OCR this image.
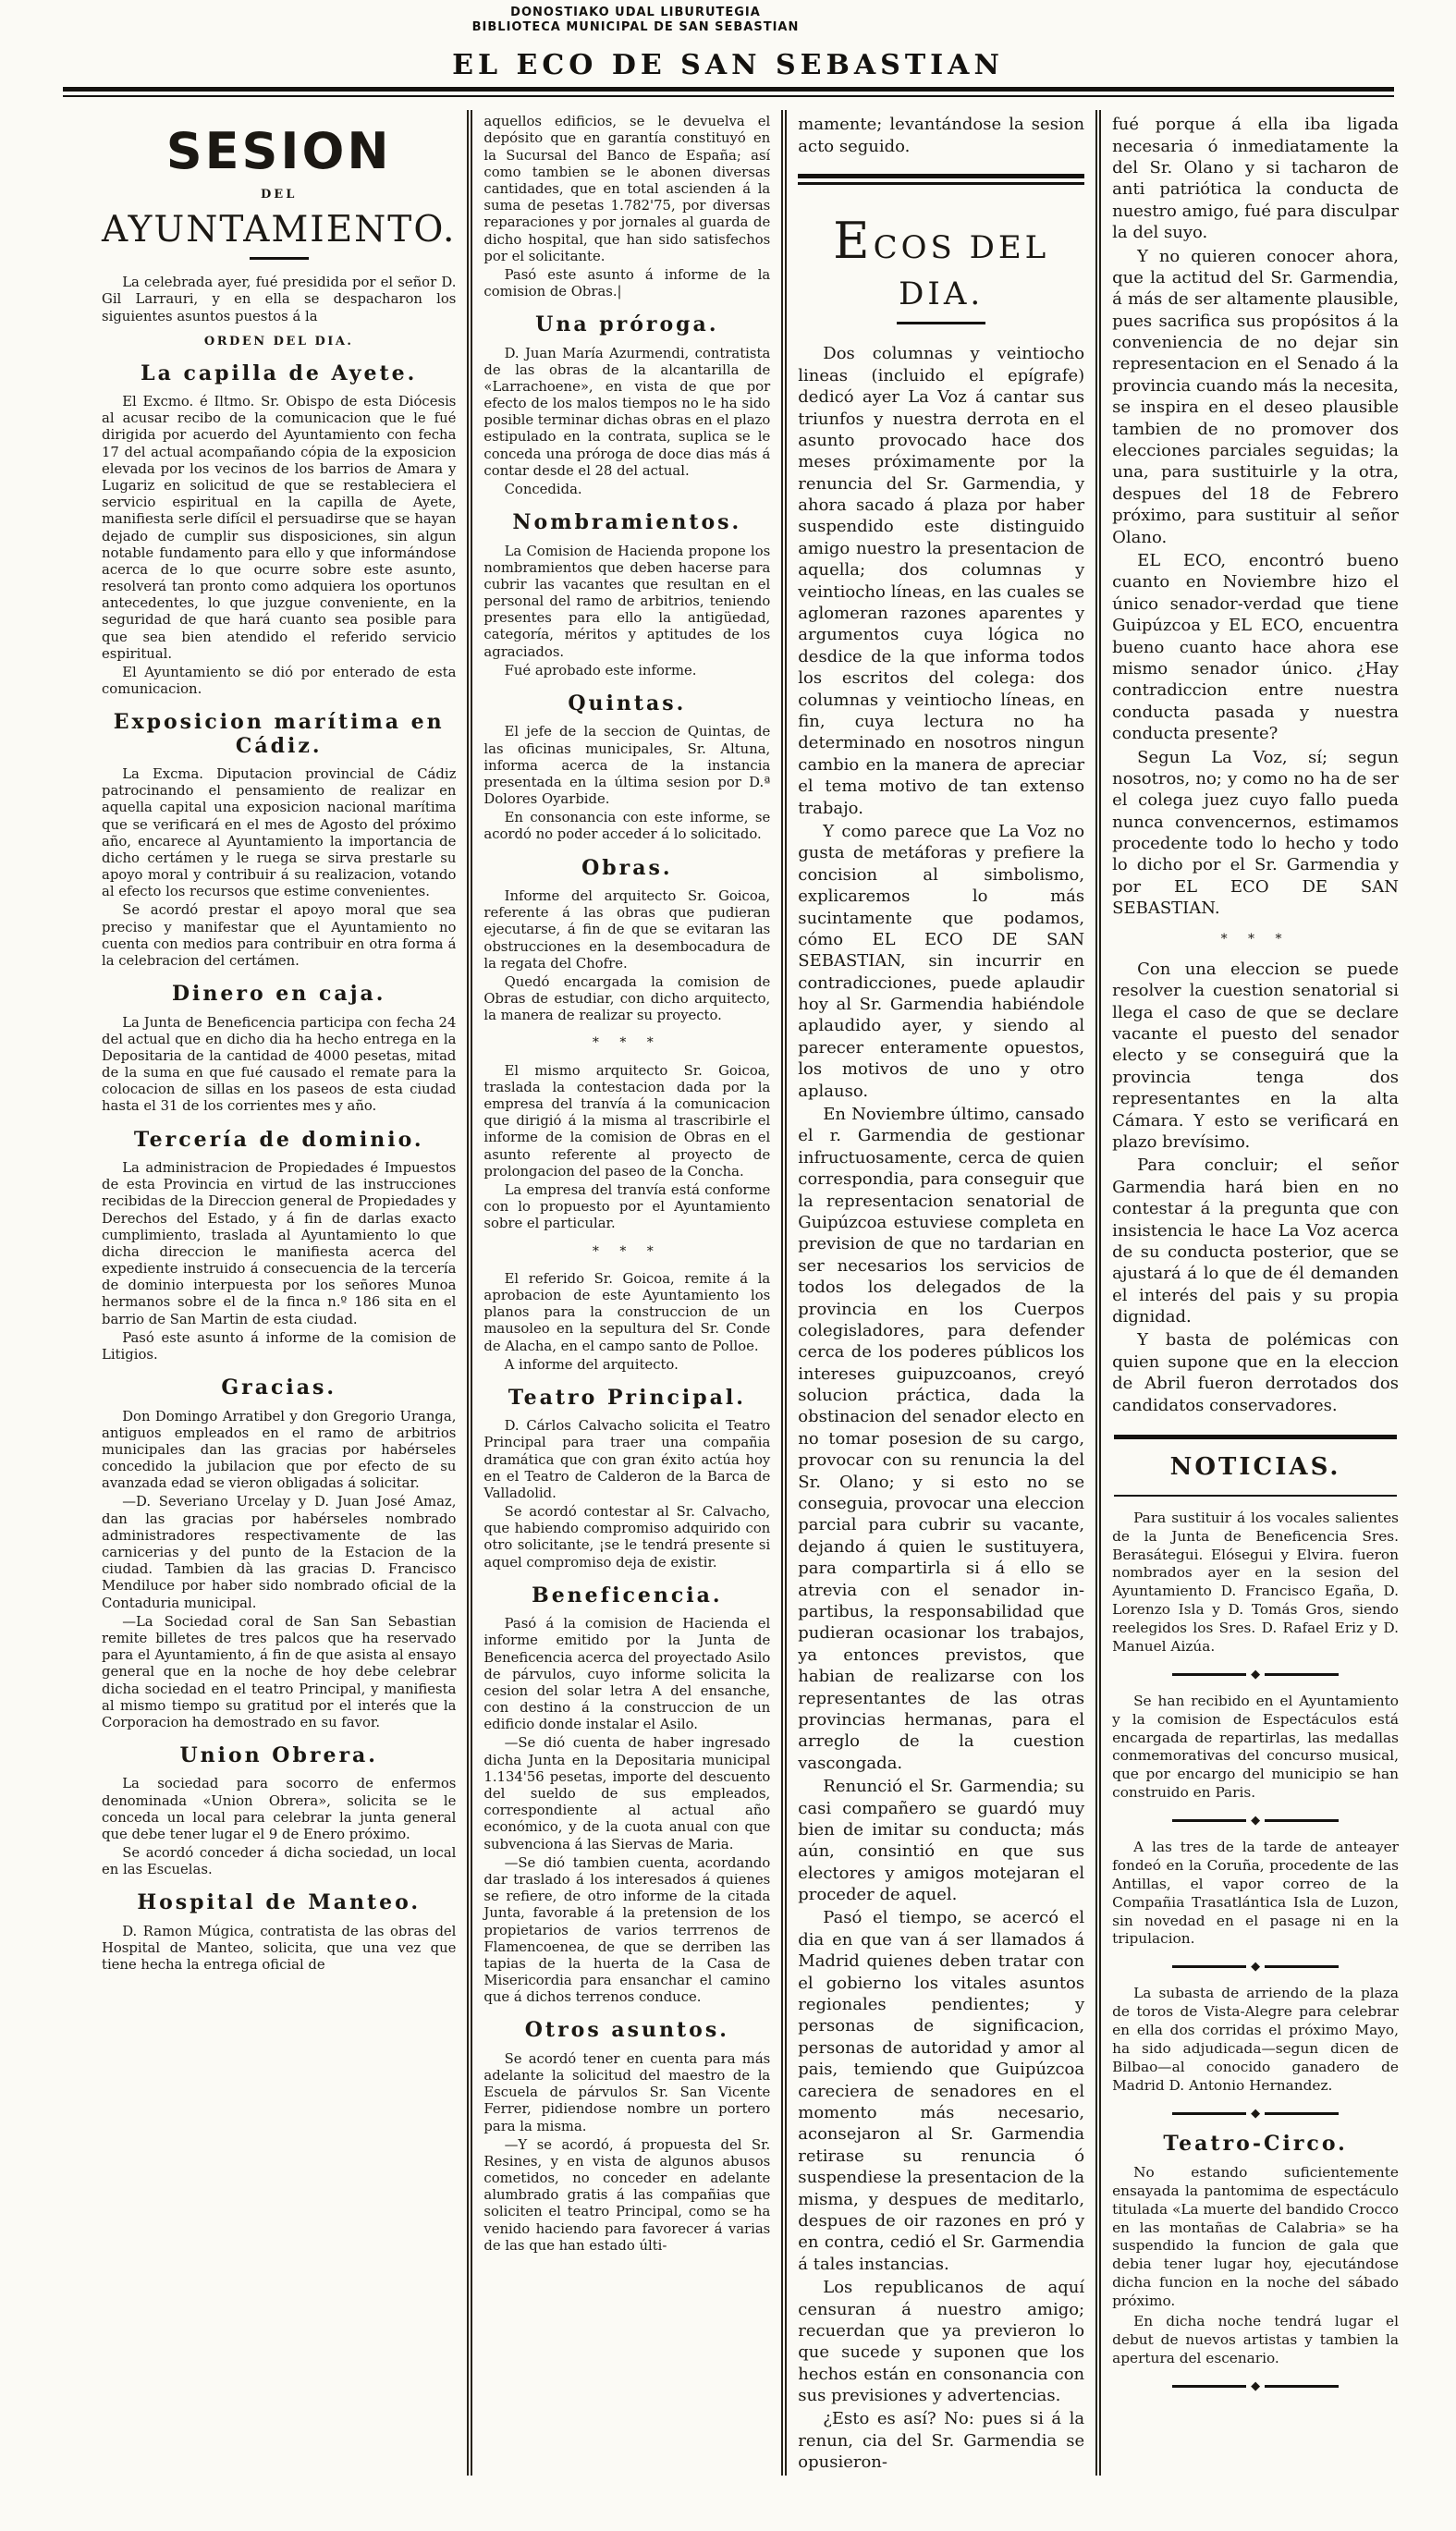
DONOSTIAKO UDAL LIBURUTEGIA
BIBLIOTECA MUNICIPAL DE SAN SEBASTIAN
EL ECO DE SAN SEBASTIAN
SESION
DEL
AYUNTAMIENTO.

La celebrada ayer, fué presidida por el señor D. Gil Larrauri, y en ella se despacharon los siguientes asuntos puestos á la

ORDEN DEL DIA.
La capilla de Ayete.

El Excmo. é Iltmo. Sr. Obispo de esta Diócesis al acusar recibo de la comunicacion que le fué dirigida por acuerdo del Ayuntamiento con fecha 17 del actual acompañando cópia de la exposicion elevada por los vecinos de los barrios de Amara y Lugariz en solicitud de que se restableciera el servicio espiritual en la capilla de Ayete, manifiesta serle difícil el persuadirse que se hayan dejado de cumplir sus disposiciones, sin algun notable fundamento para ello y que informándose acerca de lo que ocurre sobre este asunto, resolverá tan pronto como adquiera los oportunos antecedentes, lo que juzgue conveniente, en la seguridad de que hará cuanto sea posible para que sea bien atendido el referido servicio espiritual.

El Ayuntamiento se dió por enterado de esta comunicacion.

Exposicion marítima en Cádiz.

La Excma. Diputacion provincial de Cádiz patrocinando el pensamiento de realizar en aquella capital una exposicion nacional marítima que se verificará en el mes de Agosto del próximo año, encarece al Ayuntamiento la importancia de dicho certámen y le ruega se sirva prestarle su apoyo moral y contribuir á su realizacion, votando al efecto los recursos que estime convenientes.

Se acordó prestar el apoyo moral que sea preciso y manifestar que el Ayuntamiento no cuenta con medios para contribuir en otra forma á la celebracion del certámen.

Dinero en caja.

La Junta de Beneficencia participa con fecha 24 del actual que en dicho dia ha hecho entrega en la Depositaria de la cantidad de 4000 pesetas, mitad de la suma en que fué causado el remate para la colocacion de sillas en los paseos de esta ciudad hasta el 31 de los corrientes mes y año.

Tercería de dominio.

La administracion de Propiedades é Impuestos de esta Provincia en virtud de las instrucciones recibidas de la Direccion general de Propiedades y Derechos del Estado, y á fin de darlas exacto cumplimiento, traslada al Ayuntamiento lo que dicha direccion le manifiesta acerca del expediente instruido á consecuencia de la tercería de dominio interpuesta por los señores Munoa hermanos sobre el de la finca n.º 186 sita en el barrio de San Martin de esta ciudad.

Pasó este asunto á informe de la comision de Litigios.

Gracias.

Don Domingo Arratibel y don Gregorio Uranga, antiguos empleados en el ramo de arbitrios municipales dan las gracias por habérseles concedido la jubilacion que por efecto de su avanzada edad se vieron obligadas á solicitar.

—D. Severiano Urcelay y D. Juan José Amaz, dan las gracias por habérseles nombrado administradores respectivamente de las carnicerias y del punto de la Estacion de la ciudad. Tambien dà las gracias D. Francisco Mendiluce por haber sido nombrado oficial de la Contaduria municipal.

—La Sociedad coral de San San Sebastian remite billetes de tres palcos que ha reservado para el Ayuntamiento, á fin de que asista al ensayo general que en la noche de hoy debe celebrar dicha sociedad en el teatro Principal, y manifiesta al mismo tiempo su gratitud por el interés que la Corporacion ha demostrado en su favor.

Union Obrera.

La sociedad para socorro de enfermos denominada «Union Obrera», solicita se le conceda un local para celebrar la junta general que debe tener lugar el 9 de Enero próximo.

Se acordó conceder á dicha sociedad, un local en las Escuelas.

Hospital de Manteo.

D. Ramon Múgica, contratista de las obras del Hospital de Manteo, solicita, que una vez que tiene hecha la entrega oficial de

aquellos edificios, se le devuelva el depósito que en garantía constituyó en la Sucursal del Banco de España; así como tambien se le abonen diversas cantidades, que en total ascienden á la suma de pesetas 1.782'75, por diversas reparaciones y por jornales al guarda de dicho hospital, que han sido satisfechos por el solicitante.

Pasó este asunto á informe de la comision de Obras.|

Una próroga.

D. Juan María Azurmendi, contratista de las obras de la alcantarilla de «Larrachoene», en vista de que por efecto de los malos tiempos no le ha sido posible terminar dichas obras en el plazo estipulado en la contrata, suplica se le conceda una próroga de doce dias más á contar desde el 28 del actual.

Concedida.

Nombramientos.

La Comision de Hacienda propone los nombramientos que deben hacerse para cubrir las vacantes que resultan en el personal del ramo de arbitrios, teniendo presentes para ello la antigüedad, categoría, méritos y aptitudes de los agraciados.

Fué aprobado este informe.

Quintas.

El jefe de la seccion de Quintas, de las oficinas municipales, Sr. Altuna, informa acerca de la instancia presentada en la última sesion por D.ª Dolores Oyarbide.

En consonancia con este informe, se acordó no poder acceder á lo solicitado.

Obras.

Informe del arquitecto Sr. Goicoa, referente á las obras que pudieran ejecutarse, á fin de que se evitaran las obstrucciones en la desembocadura de la regata del Chofre.

Quedó encargada la comision de Obras de estudiar, con dicho arquitecto, la manera de realizar su proyecto.

* * *

El mismo arquitecto Sr. Goicoa, traslada la contestacion dada por la empresa del tranvía á la comunicacion que dirigió á la misma al trascribirle el informe de la comision de Obras en el asunto referente al proyecto de prolongacion del paseo de la Concha.

La empresa del tranvía está conforme con lo propuesto por el Ayuntamiento sobre el particular.

* * *

El referido Sr. Goicoa, remite á la aprobacion de este Ayuntamiento los planos para la construccion de un mausoleo en la sepultura del Sr. Conde de Alacha, en el campo santo de Polloe.

A informe del arquitecto.

Teatro Principal.

D. Cárlos Calvacho solicita el Teatro Principal para traer una compañia dramática que con gran éxito actúa hoy en el Teatro de Calderon de la Barca de Valladolid.

Se acordó contestar al Sr. Calvacho, que habiendo compromiso adquirido con otro solicitante, ¡se le tendrá presente si aquel compromiso deja de existir.

Beneficencia.

Pasó á la comision de Hacienda el informe emitido por la Junta de Beneficencia acerca del proyectado Asilo de párvulos, cuyo informe solicita la cesion del solar letra A del ensanche, con destino á la construccion de un edificio donde instalar el Asilo.

—Se dió cuenta de haber ingresado dicha Junta en la Depositaria municipal 1.134'56 pesetas, importe del descuento del sueldo de sus empleados, correspondiente al actual año económico, y de la cuota anual con que subvenciona á las Siervas de Maria.

—Se dió tambien cuenta, acordando dar traslado á los interesados á quienes se refiere, de otro informe de la citada Junta, favorable á la pretension de los propietarios de varios terrrenos de Flamencoenea, de que se derriben las tapias de la huerta de la Casa de Misericordia para ensanchar el camino que á dichos terrenos conduce.

Otros asuntos.

Se acordó tener en cuenta para más adelante la solicitud del maestro de la Escuela de párvulos Sr. San Vicente Ferrer, pidiendose nombre un portero para la misma.

—Y se acordó, á propuesta del Sr. Resines, y en vista de algunos abusos cometidos, no conceder en adelante alumbrado gratis á las compañias que soliciten el teatro Principal, como se ha venido haciendo para favorecer á varias de las que han estado últi-

mamente; levantándose la sesion acto seguido.

ECOS DEL DIA.

Dos columnas y veintiocho lineas (incluido el epígrafe) dedicó ayer La Voz á cantar sus triunfos y nuestra derrota en el asunto provocado hace dos meses próximamente por la renuncia del Sr. Garmendia, y ahora sacado á plaza por haber suspendido este distinguido amigo nuestro la presentacion de aquella; dos columnas y veintiocho líneas, en las cuales se aglomeran razones aparentes y argumentos cuya lógica no desdice de la que informa todos los escritos del colega: dos columnas y veintiocho líneas, en fin, cuya lectura no ha determinado en nosotros ningun cambio en la manera de apreciar el tema motivo de tan extenso trabajo.

Y como parece que La Voz no gusta de metáforas y prefiere la concision al simbolismo, explicaremos lo más sucintamente que podamos, cómo EL ECO DE SAN SEBASTIAN, sin incurrir en contradicciones, puede aplaudir hoy al Sr. Garmendia habiéndole aplaudido ayer, y siendo al parecer enteramente opuestos, los motivos de uno y otro aplauso.

En Noviembre último, cansado el r. Garmendia de gestionar infructuosamente, cerca de quien correspondia, para conseguir que la representacion senatorial de Guipúzcoa estuviese completa en prevision de que no tardarian en ser necesarios los servicios de todos los delegados de la provincia en los Cuerpos colegisladores, para defender cerca de los poderes públicos los intereses guipuzcoanos, creyó solucion práctica, dada la obstinacion del senador electo en no tomar posesion de su cargo, provocar con su renuncia la del Sr. Olano; y si esto no se conseguia, provocar una eleccion parcial para cubrir su vacante, dejando á quien le sustituyera, para compartirla si á ello se atrevia con el senador in-partibus, la responsabilidad que pudieran ocasionar los trabajos, ya entonces previstos, que habian de realizarse con los representantes de las otras provincias hermanas, para el arreglo de la cuestion vascongada.

Renunció el Sr. Garmendia; su casi compañero se guardó muy bien de imitar su conducta; más aún, consintió en que sus electores y amigos motejaran el proceder de aquel.

Pasó el tiempo, se acercó el dia en que van á ser llamados á Madrid quienes deben tratar con el gobierno los vitales asuntos regionales pendientes; y personas de significacion, personas de autoridad y amor al pais, temiendo que Guipúzcoa careciera de senadores en el momento más necesario, aconsejaron al Sr. Garmendia retirase su renuncia ó suspendiese la presentacion de la misma, y despues de meditarlo, despues de oir razones en pró y en contra, cedió el Sr. Garmendia á tales instancias.

Los republicanos de aquí censuran á nuestro amigo; recuerdan que ya previeron lo que sucede y suponen que los hechos están en consonancia con sus previsiones y advertencias.

¿Esto es así? No: pues si á la renun, cia del Sr. Garmendia se opusieron-

fué porque á ella iba ligada necesaria ó inmediatamente la del Sr. Olano y si tacharon de anti patriótica la conducta de nuestro amigo, fué para disculpar la del suyo.

Y no quieren conocer ahora, que la actitud del Sr. Garmendia, á más de ser altamente plausible, pues sacrifica sus propósitos á la conveniencia de no dejar sin representacion en el Senado á la provincia cuando más la necesita, se inspira en el deseo plausible tambien de no promover dos elecciones parciales seguidas; la una, para sustituirle y la otra, despues del 18 de Febrero próximo, para sustituir al señor Olano.

EL ECO, encontró bueno cuanto en Noviembre hizo el único senador-verdad que tiene Guipúzcoa y EL ECO, encuentra bueno cuanto hace ahora ese mismo senador único. ¿Hay contradiccion entre nuestra conducta pasada y nuestra conducta presente?

Segun La Voz, sí; segun nosotros, no; y como no ha de ser el colega juez cuyo fallo pueda nunca convencernos, estimamos procedente todo lo hecho y todo lo dicho por el Sr. Garmendia y por EL ECO DE SAN SEBASTIAN.

* * *

Con una eleccion se puede resolver la cuestion senatorial si llega el caso de que se declare vacante el puesto del senador electo y se conseguirá que la provincia tenga dos representantes en la alta Cámara. Y esto se verificará en plazo brevísimo.

Para concluir; el señor Garmendia hará bien en no contestar á la pregunta que con insistencia le hace La Voz acerca de su conducta posterior, que se ajustará á lo que de él demanden el interés del pais y su propia dignidad.

Y basta de polémicas con quien supone que en la eleccion de Abril fueron derrotados dos candidatos conservadores.

NOTICIAS.

Para sustituir á los vocales salientes de la Junta de Beneficencia Sres. Berasátegui. Elósegui y Elvira. fueron nombrados ayer en la sesion del Ayuntamiento D. Francisco Egaña, D. Lorenzo Isla y D. Tomás Gros, siendo reelegidos los Sres. D. Rafael Eriz y D. Manuel Aizúa.

◆

Se han recibido en el Ayuntamiento y la comision de Espectáculos está encargada de repartirlas, las medallas conmemorativas del concurso musical, que por encargo del municipio se han construido en Paris.

◆

A las tres de la tarde de anteayer fondeó en la Coruña, procedente de las Antillas, el vapor correo de la Compañia Trasatlántica Isla de Luzon, sin novedad en el pasage ni en la tripulacion.

◆

La subasta de arriendo de la plaza de toros de Vista-Alegre para celebrar en ella dos corridas el próximo Mayo, ha sido adjudicada—segun dicen de Bilbao—al conocido ganadero de Madrid D. Antonio Hernandez.

◆
Teatro-Circo.

No estando suficientemente ensayada la pantomima de espectáculo titulada «La muerte del bandido Crocco en las montañas de Calabria» se ha suspendido la funcion de gala que debia tener lugar hoy, ejecutándose dicha funcion en la noche del sábado próximo.

En dicha noche tendrá lugar el debut de nuevos artistas y tambien la apertura del escenario.

◆
